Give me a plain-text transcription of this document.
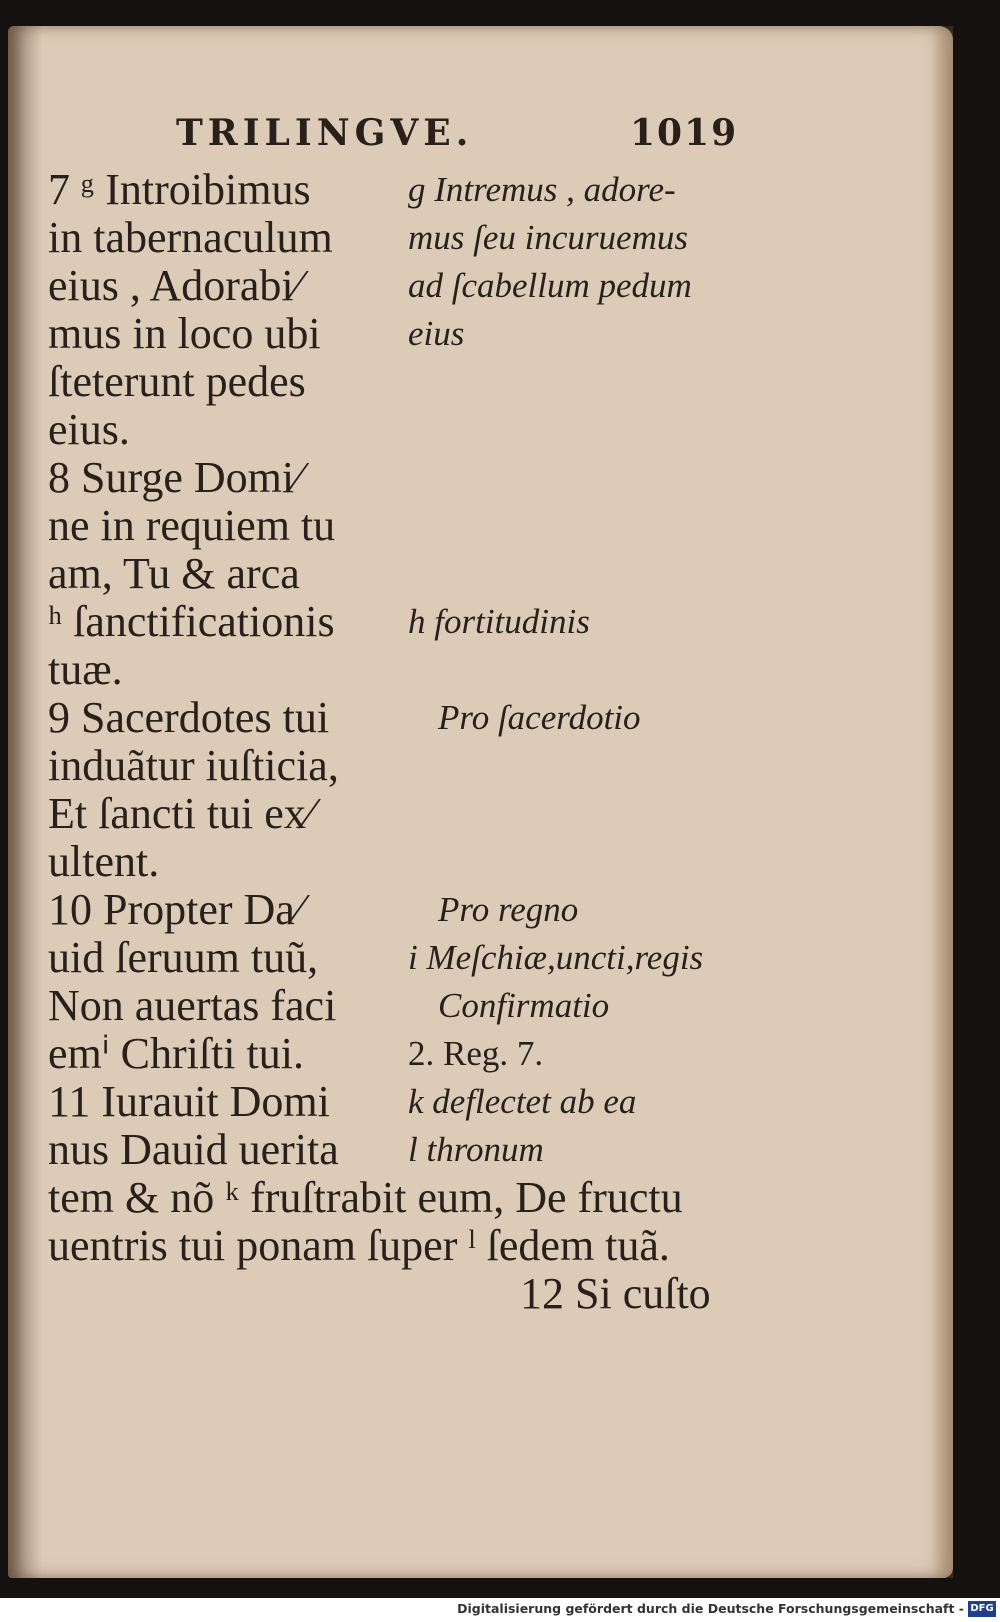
TRILINGVE.	1019
7 ᵍ Introibimus
in tabernaculum
eius , Adorabi⁄
mus in loco ubi
ſteterunt pedes
eius.
8 Surge Domi⁄
ne in requiem tu
am, Tu & arca
ʰ ſanctificationis
tuæ.
9 Sacerdotes tui
induãtur iuſticia,
Et ſancti tui ex⁄
ultent.
10 Propter Da⁄
uid ſeruum tuũ,
Non auertas faci
emⁱ Chriſti tui.
11 Iurauit Domi
nus Dauid uerita
g Intremus , adore-
mus ſeu incuruemus
ad ſcabellum pedum
eius
h fortitudinis
Pro ſacerdotio
Pro regno
i Meſchiæ,uncti,regis
Confirmatio
2. Reg. 7.
k deflectet ab ea
l thronum
tem & nõ ᵏ fruſtrabit eum, De fructu
uentris tui ponam ſuper ˡ ſedem tuã.
12 Si cuſto
Digitalisierung gefördert durch die Deutsche Forschungsgemeinschaft - DFG
